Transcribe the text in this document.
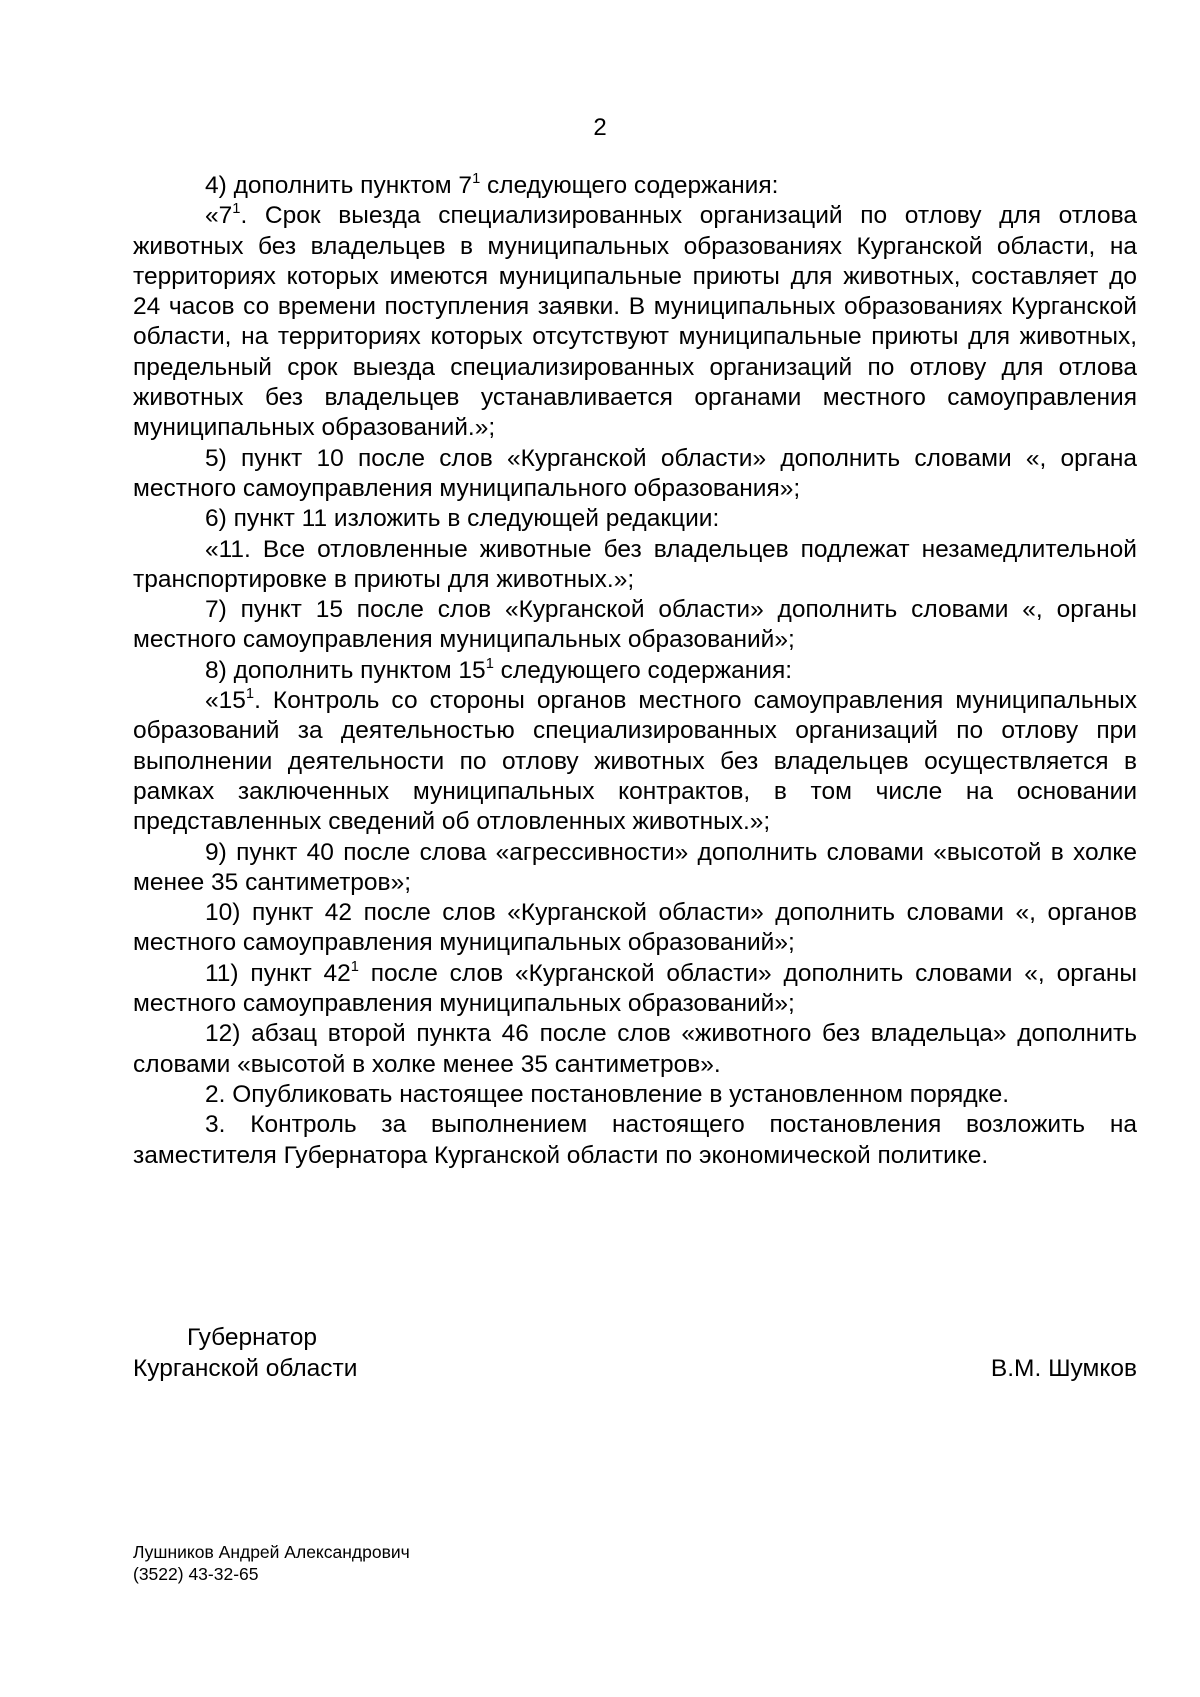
2

4) дополнить пунктом $7^1$ следующего содержания:

«$7^1$. Срок выезда специализированных организаций по отлову для отлова животных без владельцев в муниципальных образованиях Курганской области, на территориях которых имеются муниципальные приюты для животных, составляет до 24 часов со времени поступления заявки. В муниципальных образованиях Курганской области, на территориях которых отсутствуют муниципальные приюты для животных, предельный срок выезда специализированных организаций по отлову для отлова животных без владельцев устанавливается органами местного самоуправления муниципальных образований.»;

5) пункт 10 после слов «Курганской области» дополнить словами «, органа местного самоуправления муниципального образования»;

6) пункт 11 изложить в следующей редакции:

«11. Все отловленные животные без владельцев подлежат незамедлительной транспортировке в приюты для животных.»;

7) пункт 15 после слов «Курганской области» дополнить словами «, органы местного самоуправления муниципальных образований»;

8) дополнить пунктом $15^1$ следующего содержания:

«$15^1$. Контроль со стороны органов местного самоуправления муниципальных образований за деятельностью специализированных организаций по отлову при выполнении деятельности по отлову животных без владельцев осуществляется в рамках заключенных муниципальных контрактов, в том числе на основании представленных сведений об отловленных животных.»;

9) пункт 40 после слова «агрессивности» дополнить словами «высотой в холке менее 35 сантиметров»;

10) пункт 42 после слов «Курганской области» дополнить словами «, органов местного самоуправления муниципальных образований»;

11) пункт $42^1$ после слов «Курганской области» дополнить словами «, органы местного самоуправления муниципальных образований»;

12) абзац второй пункта 46 после слов «животного без владельца» дополнить словами «высотой в холке менее 35 сантиметров».

2. Опубликовать настоящее постановление в установленном порядке.

3. Контроль за выполнением настоящего постановления возложить на заместителя Губернатора Курганской области по экономической политике.

Губернатор
Курганской области	В.М. Шумков
Лушников Андрей Александрович
(3522) 43-32-65
